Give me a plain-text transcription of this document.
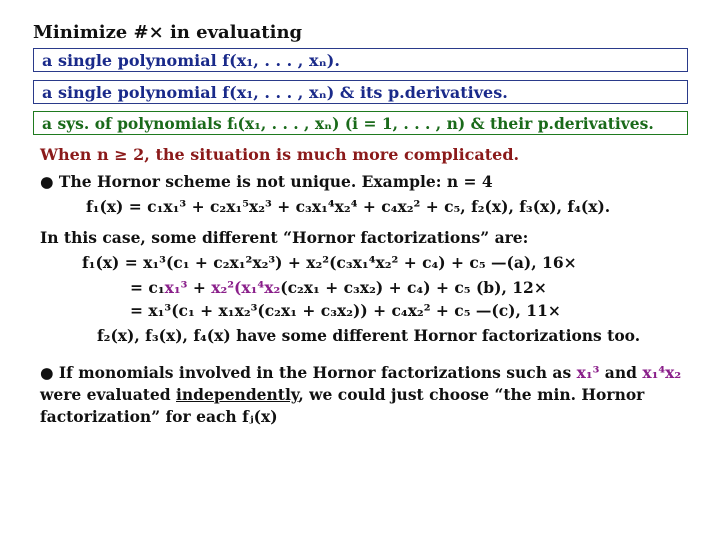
Minimize #× in evaluating
a single polynomial f(x₁, . . . , xₙ).
a single polynomial f(x₁, . . . , xₙ) & its p.derivatives.
a sys. of polynomials fᵢ(x₁, . . . , xₙ) (i = 1, . . . , n) & their p.derivatives.
When n ≥ 2, the situation is much more complicated.
● The Hornor scheme is not unique. Example: n = 4
f₁(x) = c₁x₁³ + c₂x₁⁵x₂³ + c₃x₁⁴x₂⁴ + c₄x₂² + c₅, f₂(x), f₃(x), f₄(x).
In this case, some different “Hornor factorizations” are:
f₁(x) = x₁³(c₁ + c₂x₁²x₂³) + x₂²(c₃x₁⁴x₂² + c₄) + c₅ —(a), 16×
= c₁x₁³ + x₂²(x₁⁴x₂(c₂x₁ + c₃x₂) + c₄) + c₅ (b), 12×
= x₁³(c₁ + x₁x₂³(c₂x₁ + c₃x₂)) + c₄x₂² + c₅ —(c), 11×
f₂(x), f₃(x), f₄(x) have some different Hornor factorizations too.
● If monomials involved in the Hornor factorizations such as x₁³ and x₁⁴x₂
were evaluated independently, we could just choose “the min. Hornor
factorization” for each fⱼ(x)
